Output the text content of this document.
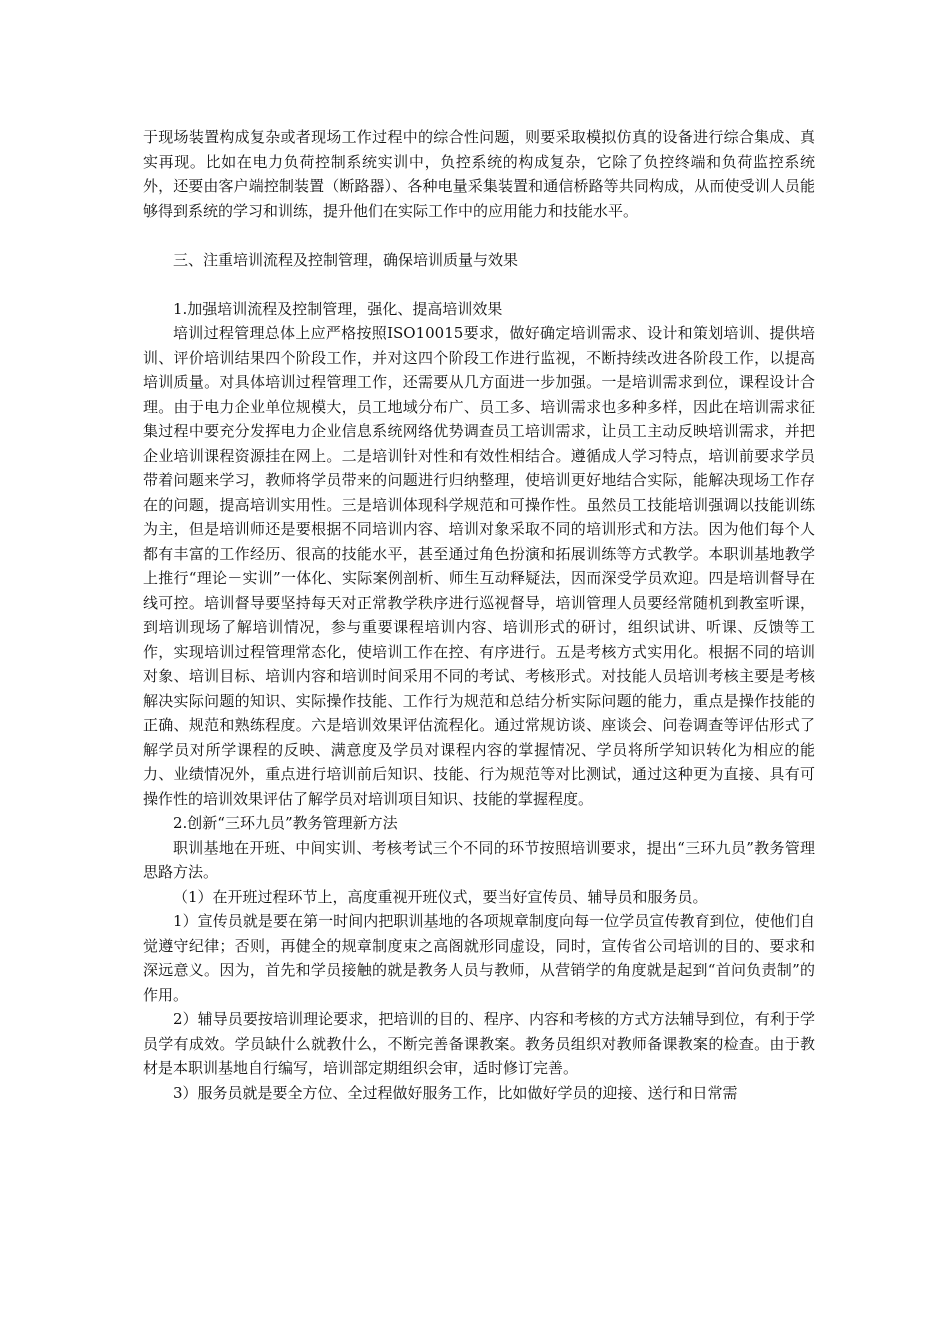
于现场装置构成复杂或者现场工作过程中的综合性问题，则要采取模拟仿真的设备进行综合集成、真实再现。比如在电力负荷控制系统实训中，负控系统的构成复杂，它除了负控终端和负荷监控系统外，还要由客户端控制装置（断路器）、各种电量采集装置和通信桥路等共同构成，从而使受训人员能够得到系统的学习和训练，提升他们在实际工作中的应用能力和技能水平。

三、注重培训流程及控制管理，确保培训质量与效果

1.加强培训流程及控制管理，强化、提高培训效果

培训过程管理总体上应严格按照ISO10015要求，做好确定培训需求、设计和策划培训、提供培训、评价培训结果四个阶段工作，并对这四个阶段工作进行监视，不断持续改进各阶段工作，以提高培训质量。对具体培训过程管理工作，还需要从几方面进一步加强。一是培训需求到位，课程设计合理。由于电力企业单位规模大，员工地域分布广、员工多、培训需求也多种多样，因此在培训需求征集过程中要充分发挥电力企业信息系统网络优势调查员工培训需求，让员工主动反映培训需求，并把企业培训课程资源挂在网上。二是培训针对性和有效性相结合。遵循成人学习特点，培训前要求学员带着问题来学习，教师将学员带来的问题进行归纳整理，使培训更好地结合实际，能解决现场工作存在的问题，提高培训实用性。三是培训体现科学规范和可操作性。虽然员工技能培训强调以技能训练为主，但是培训师还是要根据不同培训内容、培训对象采取不同的培训形式和方法。因为他们每个人都有丰富的工作经历、很高的技能水平，甚至通过角色扮演和拓展训练等方式教学。本职训基地教学上推行“理论－实训”一体化、实际案例剖析、师生互动释疑法，因而深受学员欢迎。四是培训督导在线可控。培训督导要坚持每天对正常教学秩序进行巡视督导，培训管理人员要经常随机到教室听课，到培训现场了解培训情况，参与重要课程培训内容、培训形式的研讨，组织试讲、听课、反馈等工作，实现培训过程管理常态化，使培训工作在控、有序进行。五是考核方式实用化。根据不同的培训对象、培训目标、培训内容和培训时间采用不同的考试、考核形式。对技能人员培训考核主要是考核解决实际问题的知识、实际操作技能、工作行为规范和总结分析实际问题的能力，重点是操作技能的正确、规范和熟练程度。六是培训效果评估流程化。通过常规访谈、座谈会、问卷调查等评估形式了解学员对所学课程的反映、满意度及学员对课程内容的掌握情况、学员将所学知识转化为相应的能力、业绩情况外，重点进行培训前后知识、技能、行为规范等对比测试，通过这种更为直接、具有可操作性的培训效果评估了解学员对培训项目知识、技能的掌握程度。

2.创新“三环九员”教务管理新方法

职训基地在开班、中间实训、考核考试三个不同的环节按照培训要求，提出“三环九员”教务管理思路方法。

（1）在开班过程环节上，高度重视开班仪式，要当好宣传员、辅导员和服务员。

1）宣传员就是要在第一时间内把职训基地的各项规章制度向每一位学员宣传教育到位，使他们自觉遵守纪律；否则，再健全的规章制度束之高阁就形同虚设，同时，宣传省公司培训的目的、要求和深远意义。因为，首先和学员接触的就是教务人员与教师，从营销学的角度就是起到“首问负责制”的作用。

2）辅导员要按培训理论要求，把培训的目的、程序、内容和考核的方式方法辅导到位，有利于学员学有成效。学员缺什么就教什么，不断完善备课教案。教务员组织对教师备课教案的检查。由于教材是本职训基地自行编写，培训部定期组织会审，适时修订完善。

3）服务员就是要全方位、全过程做好服务工作，比如做好学员的迎接、送行和日常需
